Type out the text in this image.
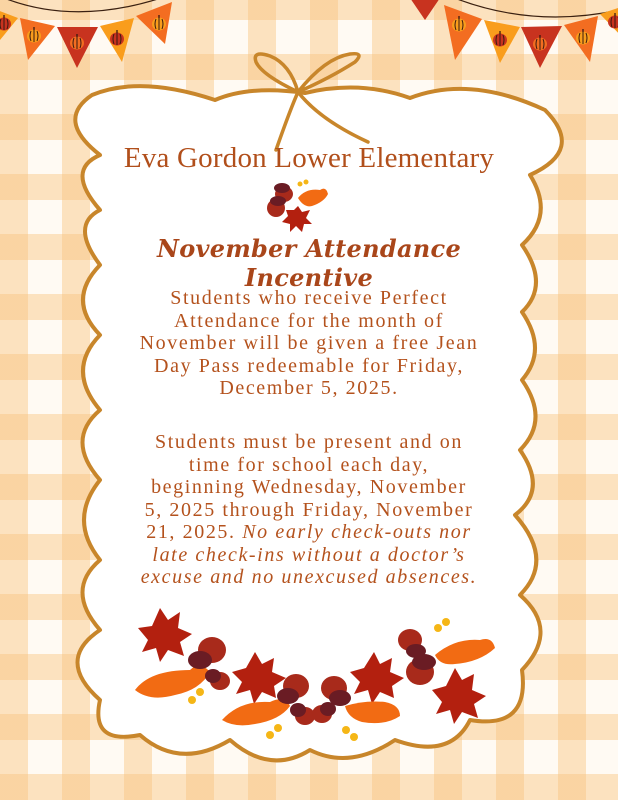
Eva Gordon Lower Elementary
November Attendance Incentive
Students who receive Perfect
Attendance for the month of
November will be given a free Jean
Day Pass redeemable for Friday,
December 5, 2025.
Students must be present and on
time for school each day,
beginning Wednesday, November
5, 2025 through Friday, November
21, 2025. No early check-outs nor
late check-ins without a doctor’s
excuse and no unexcused absences.
